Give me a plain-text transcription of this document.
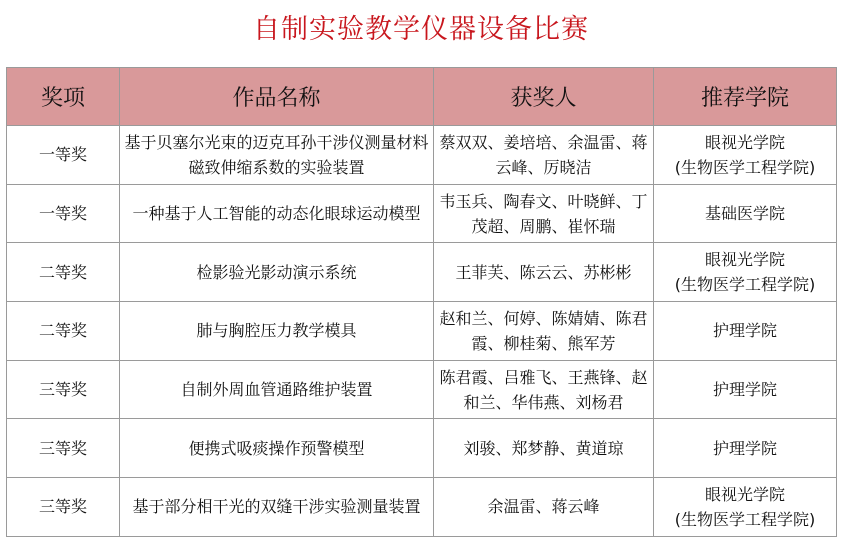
自制实验教学仪器设备比赛
奖项	作品名称	获奖人	推荐学院
一等奖	基于贝塞尔光束的迈克耳孙干涉仪测量材料磁致伸缩系数的实验装置	蔡双双、姜培培、余温雷、蒋云峰、厉晓洁	眼视光学院
(生物医学工程学院)

一等奖	一种基于人工智能的动态化眼球运动模型	韦玉兵、陶春文、叶晓鲜、丁茂超、周鹏、崔怀瑞	基础医学院

二等奖	检影验光影动演示系统	王菲芙、陈云云、苏彬彬	眼视光学院
(生物医学工程学院)

二等奖	肺与胸腔压力教学模具	赵和兰、何婷、陈婧婧、陈君霞、柳桂菊、熊军芳	护理学院

三等奖	自制外周血管通路维护装置	陈君霞、吕雅飞、王燕锋、赵和兰、华伟燕、刘杨君	护理学院

三等奖	便携式吸痰操作预警模型	刘骏、郑梦静、黄道琼	护理学院

三等奖	基于部分相干光的双缝干涉实验测量装置	余温雷、蒋云峰	眼视光学院
(生物医学工程学院)
